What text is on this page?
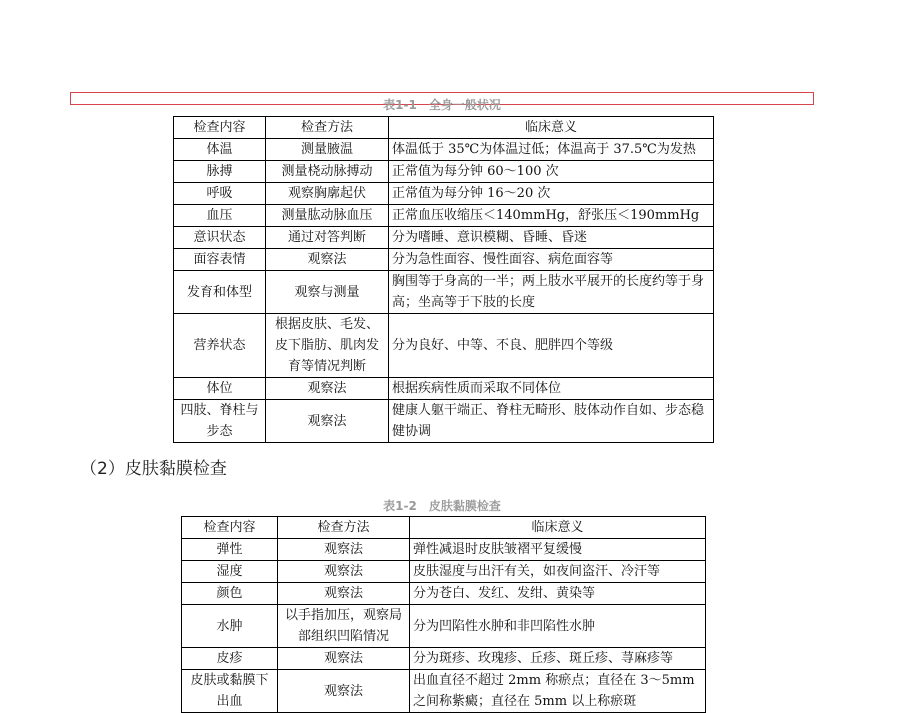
表1-1　全身一般状况
检查内容	检查方法	临床意义
体温	测量腋温	体温低于 35℃为体温过低；体温高于 37.5℃为发热
脉搏	测量桡动脉搏动	正常值为每分钟 60～100 次
呼吸	观察胸廓起伏	正常值为每分钟 16～20 次
血压	测量肱动脉血压	正常血压收缩压＜140mmHg，舒张压＜190mmHg
意识状态	通过对答判断	分为嗜睡、意识模糊、昏睡、昏迷
面容表情	观察法	分为急性面容、慢性面容、病危面容等
发育和体型	观察与测量	胸围等于身高的一半；两上肢水平展开的长度约等于身高；坐高等于下肢的长度
营养状态	根据皮肤、毛发、皮下脂肪、肌肉发育等情况判断	分为良好、中等、不良、肥胖四个等级
体位	观察法	根据疾病性质而采取不同体位
四肢、脊柱与步态	观察法	健康人躯干端正、脊柱无畸形、肢体动作自如、步态稳健协调
（2）皮肤黏膜检查
表1-2　皮肤黏膜检查
检查内容	检查方法	临床意义
弹性	观察法	弹性减退时皮肤皱褶平复缓慢
湿度	观察法	皮肤湿度与出汗有关，如夜间盗汗、冷汗等
颜色	观察法	分为苍白、发红、发绀、黄染等
水肿	以手指加压，观察局部组织凹陷情况	分为凹陷性水肿和非凹陷性水肿
皮疹	观察法	分为斑疹、玫瑰疹、丘疹、斑丘疹、荨麻疹等
皮肤或黏膜下出血	观察法	出血直径不超过 2mm 称瘀点；直径在 3～5mm 之间称紫癜；直径在 5mm 以上称瘀斑
